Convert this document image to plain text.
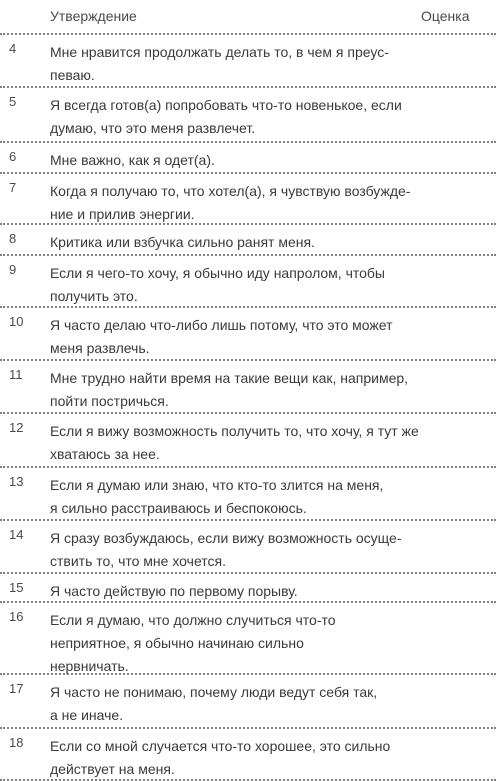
Утверждение	Оценка
4 Мне нравится продолжать делать то, в чем я преус-
певаю.
5 Я всегда готов(а) попробовать что-то новенькое, если
думаю, что это меня развлечет.
6 Мне важно, как я одет(а).
7 Когда я получаю то, что хотел(а), я чувствую возбужде-
ние и прилив энергии.
8 Критика или взбучка сильно ранят меня.
9 Если я чего-то хочу, я обычно иду напролом, чтобы
получить это.
10 Я часто делаю что-либо лишь потому, что это может
меня развлечь.
11 Мне трудно найти время на такие вещи как, например,
пойти постричься.
12 Если я вижу возможность получить то, что хочу, я тут же
хватаюсь за нее.
13 Если я думаю или знаю, что кто-то злится на меня,
я сильно расстраиваюсь и беспокоюсь.
14 Я сразу возбуждаюсь, если вижу возможность осуще-
ствить то, что мне хочется.
15 Я часто действую по первому порыву.
16 Если я думаю, что должно случиться что-то
неприятное, я обычно начинаю сильно
нервничать.
17 Я часто не понимаю, почему люди ведут себя так,
а не иначе.
18 Если со мной случается что-то хорошее, это сильно
действует на меня.
